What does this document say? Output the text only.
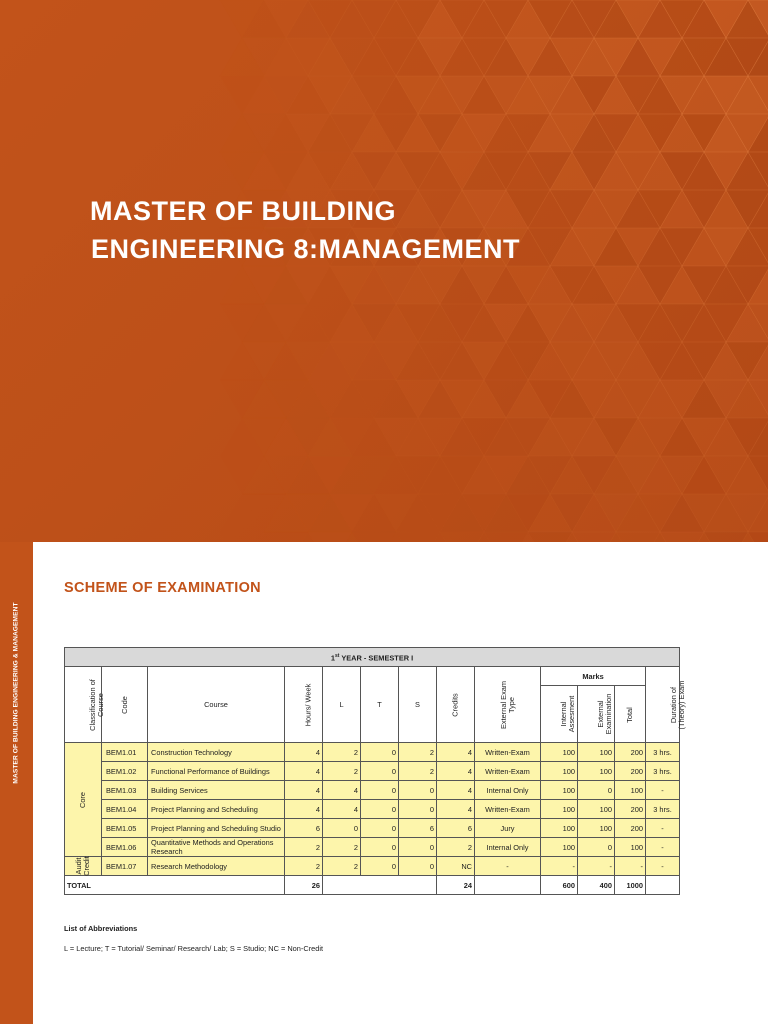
MASTER OF BUILDING
ENGINEERING 8:MANAGEMENT
MASTER OF BUILDING ENGINEERING & MANAGEMENT
SCHEME OF EXAMINATION
1st YEAR - SEMESTER I												
Classification of Course	Code	Course	Hours/ Week	L	T	S	Credits	External Exam Type	Marks			Duration of (Theory) Exam
									Internal Assesment	External Examination	Total	
Core	BEM1.01	Construction Technology	4	2	0	2	4	Written-Exam	100	100	200	3 hrs.
	BEM1.02	Functional Performance of Buildings	4	2	0	2	4	Written-Exam	100	100	200	3 hrs.
	BEM1.03	Building Services	4	4	0	0	4	Internal Only	100	0	100	-
	BEM1.04	Project Planning and Scheduling	4	4	0	0	4	Written-Exam	100	100	200	3 hrs.
	BEM1.05	Project Planning and Scheduling Studio	6	0	0	6	6	Jury	100	100	200	-
	BEM1.06	Quantitative Methods and Operations Research	2	2	0	0	2	Internal Only	100	0	100	-
Audit Credit	BEM1.07	Research Methodology	2	2	0	0	NC	-	-	-	-	-
TOTAL			26				24		600	400	1000	

List of Abbreviations

L = Lecture; T = Tutorial/ Seminar/ Research/ Lab; S = Studio; NC = Non-Credit
